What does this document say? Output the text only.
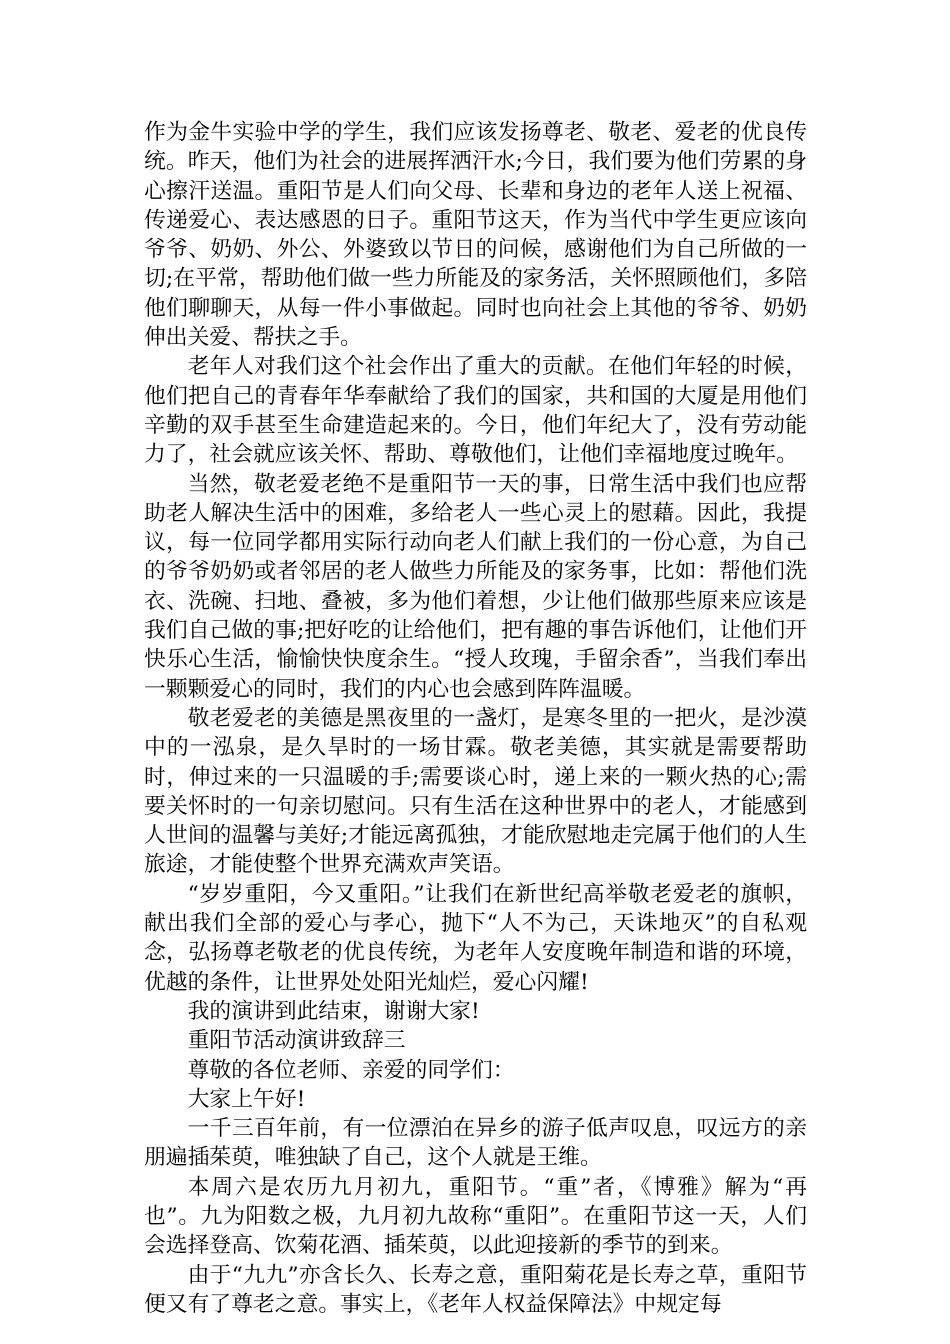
作为金牛实验中学的学生，我们应该发扬尊老、敬老、爱老的优良传统。昨天，他们为社会的进展挥洒汗水;今日，我们要为他们劳累的身心擦汗送温。重阳节是人们向父母、长辈和身边的老年人送上祝福、传递爱心、表达感恩的日子。重阳节这天，作为当代中学生更应该向爷爷、奶奶、外公、外婆致以节日的问候，感谢他们为自己所做的一切;在平常，帮助他们做一些力所能及的家务活，关怀照顾他们，多陪他们聊聊天，从每一件小事做起。同时也向社会上其他的爷爷、奶奶伸出关爱、帮扶之手。

老年人对我们这个社会作出了重大的贡献。在他们年轻的时候，他们把自己的青春年华奉献给了我们的国家，共和国的大厦是用他们辛勤的双手甚至生命建造起来的。今日，他们年纪大了，没有劳动能力了，社会就应该关怀、帮助、尊敬他们，让他们幸福地度过晚年。

当然，敬老爱老绝不是重阳节一天的事，日常生活中我们也应帮助老人解决生活中的困难，多给老人一些心灵上的慰藉。因此，我提议，每一位同学都用实际行动向老人们献上我们的一份心意，为自己的爷爷奶奶或者邻居的老人做些力所能及的家务事，比如：帮他们洗衣、洗碗、扫地、叠被，多为他们着想，少让他们做那些原来应该是我们自己做的事;把好吃的让给他们，把有趣的事告诉他们，让他们开快乐心生活，愉愉快快度余生。“授人玫瑰，手留余香”，当我们奉出一颗颗爱心的同时，我们的内心也会感到阵阵温暖。

敬老爱老的美德是黑夜里的一盏灯，是寒冬里的一把火，是沙漠中的一泓泉，是久旱时的一场甘霖。敬老美德，其实就是需要帮助时，伸过来的一只温暖的手;需要谈心时，递上来的一颗火热的心;需要关怀时的一句亲切慰问。只有生活在这种世界中的老人，才能感到人世间的温馨与美好;才能远离孤独，才能欣慰地走完属于他们的人生旅途，才能使整个世界充满欢声笑语。

“岁岁重阳，今又重阳。”让我们在新世纪高举敬老爱老的旗帜，献出我们全部的爱心与孝心，抛下“人不为己，天诛地灭”的自私观念，弘扬尊老敬老的优良传统，为老年人安度晚年制造和谐的环境，优越的条件，让世界处处阳光灿烂，爱心闪耀!

我的演讲到此结束，谢谢大家!

重阳节活动演讲致辞三

尊敬的各位老师、亲爱的同学们：

大家上午好!

一千三百年前，有一位漂泊在异乡的游子低声叹息，叹远方的亲朋遍插茱萸，唯独缺了自己，这个人就是王维。

本周六是农历九月初九，重阳节。“重”者，《博雅》解为“再也”。九为阳数之极，九月初九故称“重阳”。在重阳节这一天，人们会选择登高、饮菊花酒、插茱萸，以此迎接新的季节的到来。

由于“九九”亦含长久、长寿之意，重阳菊花是长寿之草，重阳节便又有了尊老之意。事实上，《老年人权益保障法》中规定每
